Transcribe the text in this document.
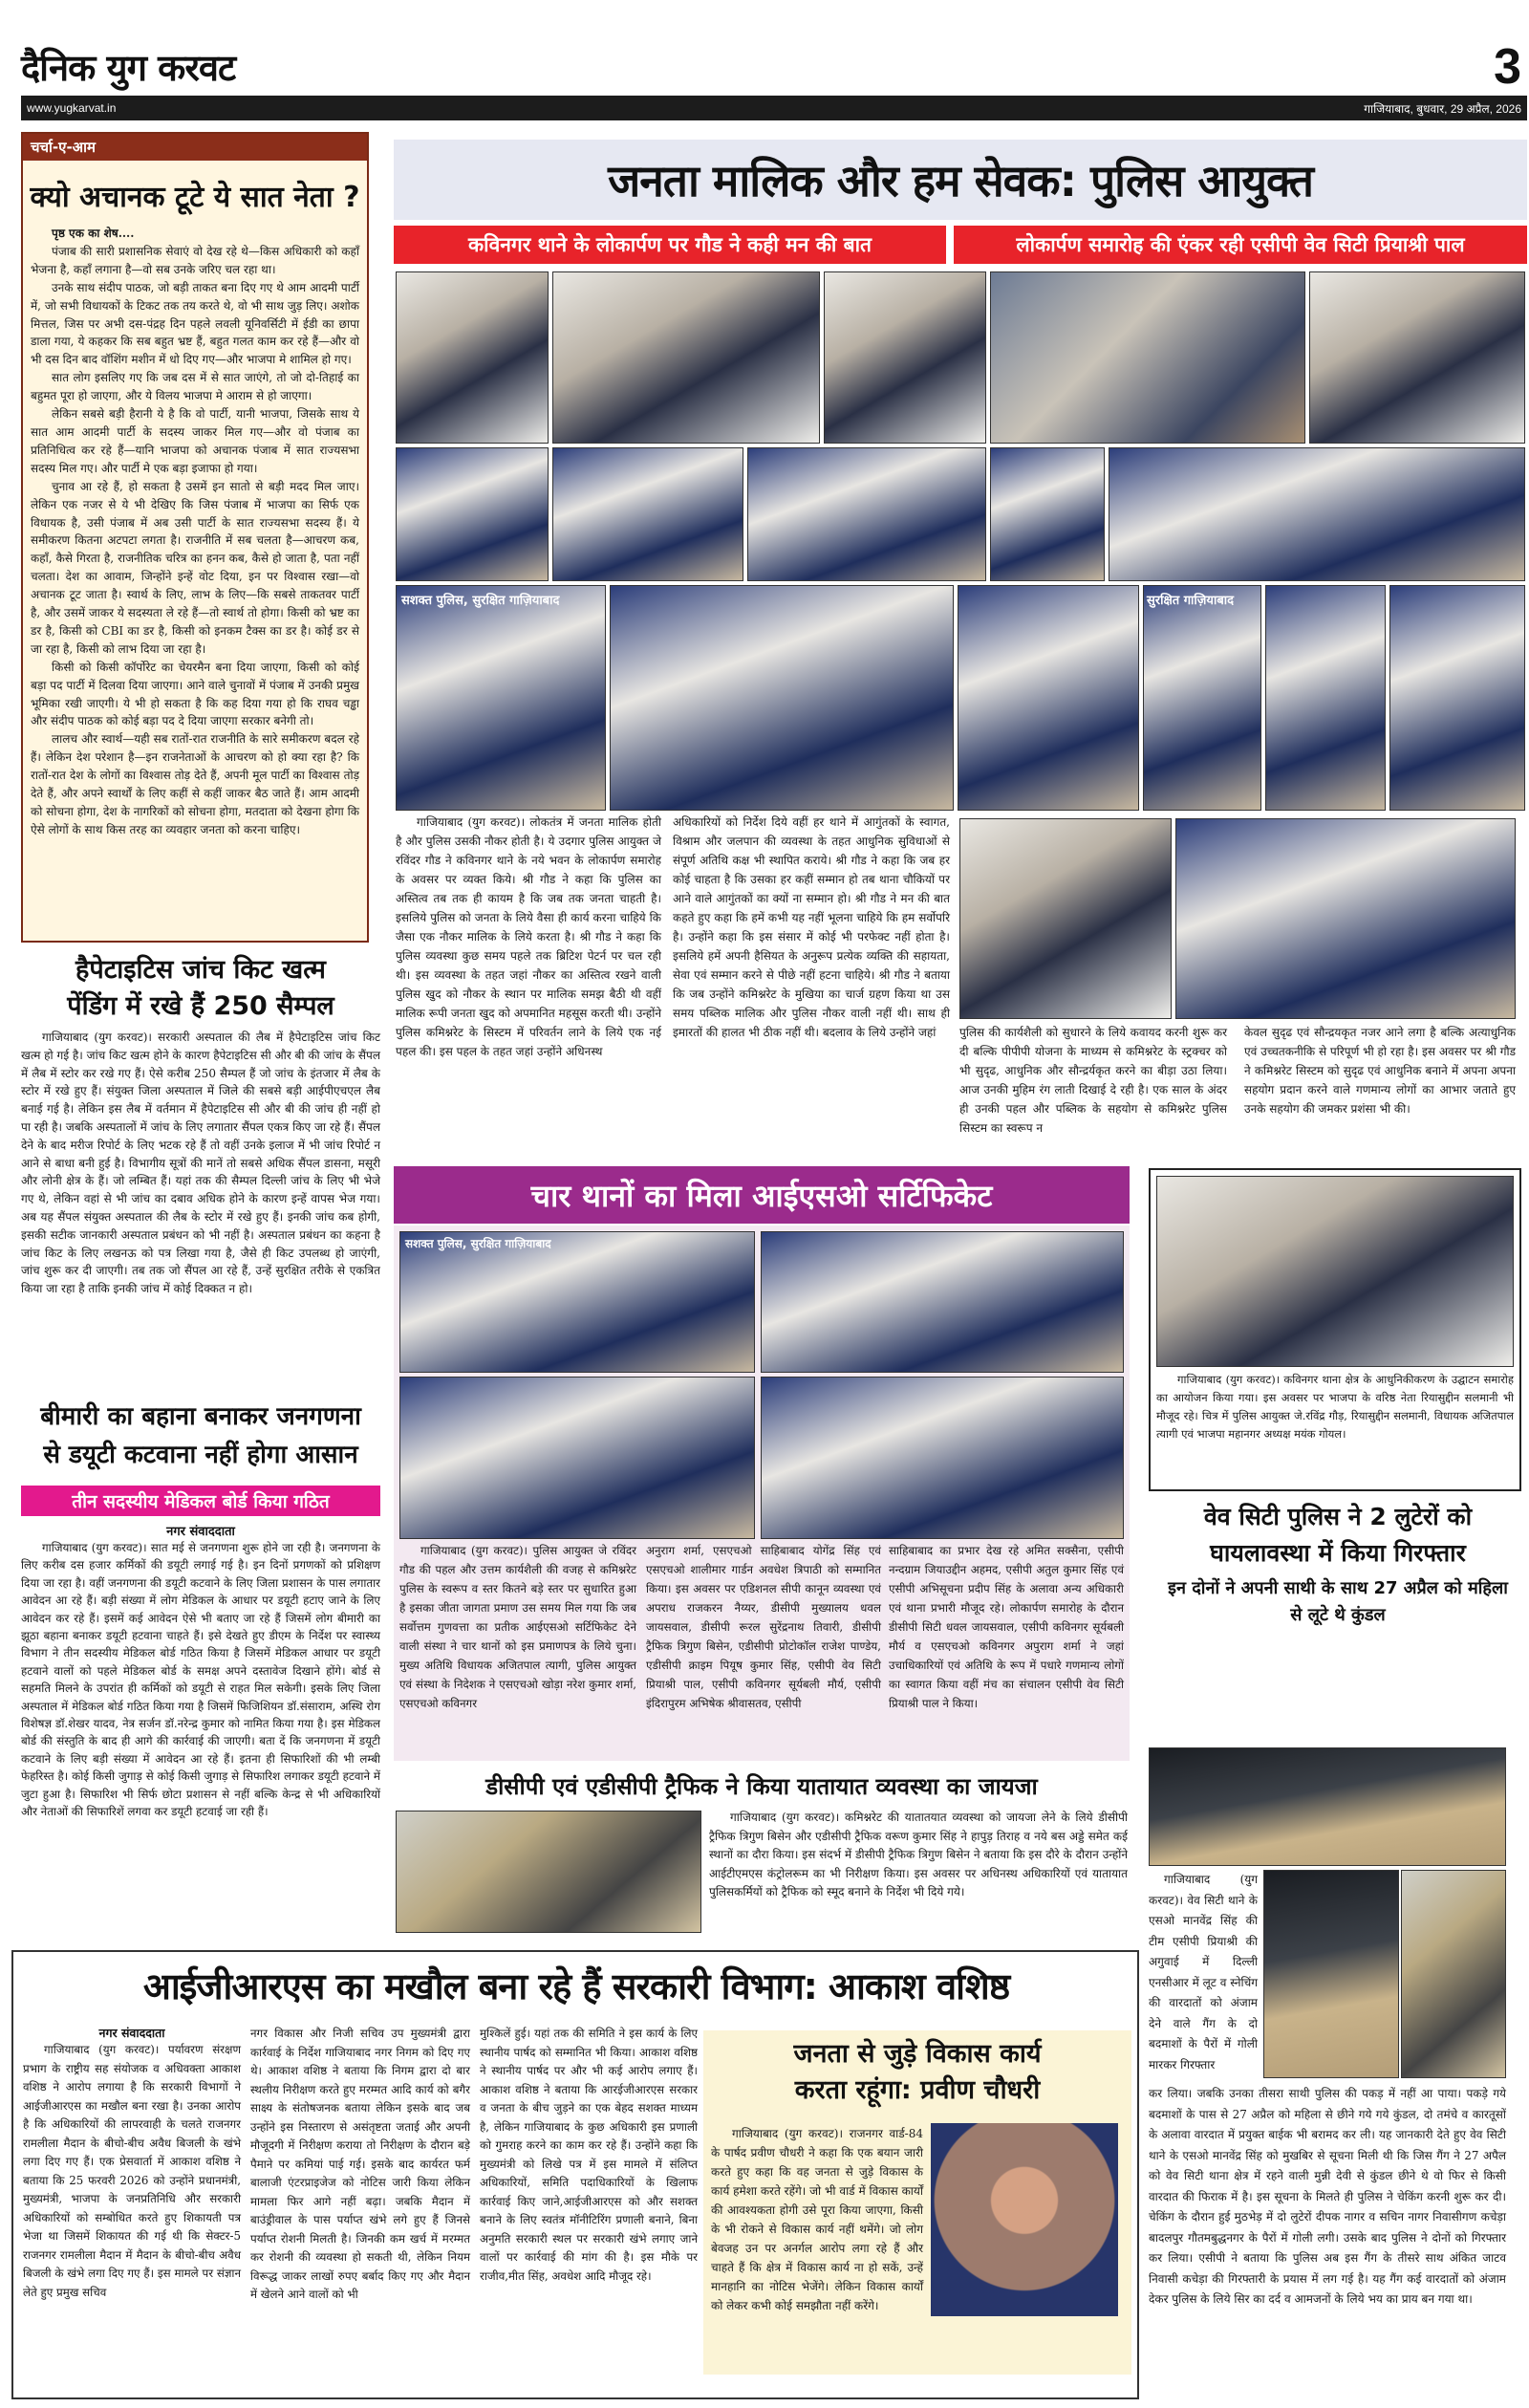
दैनिक युग करवट	3
www.yugkarvat.in	गाजियाबाद, बुधवार, 29 अप्रैल, 2026
चर्चा-ए-आम
क्यो अचानक टूटे ये सात नेता ?

पृष्ठ एक का शेष....

पंजाब की सारी प्रशासनिक सेवाएं वो देख रहे थे—किस अधिकारी को कहाँ भेजना है, कहाँ लगाना है—वो सब उनके जरिए चल रहा था।

उनके साथ संदीप पाठक, जो बड़ी ताकत बना दिए गए थे आम आदमी पार्टी में, जो सभी विधायकों के टिकट तक तय करते थे, वो भी साथ जुड़ लिए। अशोक मित्तल, जिस पर अभी दस-पंद्रह दिन पहले लवली यूनिवर्सिटी में ईडी का छापा डाला गया, ये कहकर कि सब बहुत भ्रष्ट हैं, बहुत गलत काम कर रहे हैं—और वो भी दस दिन बाद वॉशिंग मशीन में धो दिए गए—और भाजपा मे शामिल हो गए।

सात लोग इसलिए गए कि जब दस में से सात जाएंगे, तो जो दो-तिहाई का बहुमत पूरा हो जाएगा, और ये विलय भाजपा मे आराम से हो जाएगा।

लेकिन सबसे बड़ी हैरानी ये है कि वो पार्टी, यानी भाजपा, जिसके साथ ये सात आम आदमी पार्टी के सदस्य जाकर मिल गए—और वो पंजाब का प्रतिनिधित्व कर रहे हैं—यानि भाजपा को अचानक पंजाब में सात राज्यसभा सदस्य मिल गए। और पार्टी मे एक बड़ा इजाफा हो गया।

चुनाव आ रहे हैं, हो सकता है उसमें इन सातो से बड़ी मदद मिल जाए। लेकिन एक नजर से ये भी देखिए कि जिस पंजाब में भाजपा का सिर्फ एक विधायक है, उसी पंजाब में अब उसी पार्टी के सात राज्यसभा सदस्य हैं। ये समीकरण कितना अटपटा लगता है। राजनीति में सब चलता है—आचरण कब, कहाँ, कैसे गिरता है, राजनीतिक चरित्र का हनन कब, कैसे हो जाता है, पता नहीं चलता। देश का आवाम, जिन्होंने इन्हें वोट दिया, इन पर विश्वास रखा—वो अचानक टूट जाता है। स्वार्थ के लिए, लाभ के लिए—कि सबसे ताकतवर पार्टी है, और उसमें जाकर ये सदस्यता ले रहे हैं—तो स्वार्थ तो होगा। किसी को भ्रष्ट का डर है, किसी को CBI का डर है, किसी को इनकम टैक्स का डर है। कोई डर से जा रहा है, किसी को लाभ दिया जा रहा है।

किसी को किसी कॉर्पोरेट का चेयरमैन बना दिया जाएगा, किसी को कोई बड़ा पद पार्टी में दिलवा दिया जाएगा। आने वाले चुनावों में पंजाब में उनकी प्रमुख भूमिका रखी जाएगी। ये भी हो सकता है कि कह दिया गया हो कि राघव चड्ढा और संदीप पाठक को कोई बड़ा पद दे दिया जाएगा सरकार बनेगी तो।

लालच और स्वार्थ—यही सब रातों-रात राजनीति के सारे समीकरण बदल रहे हैं। लेकिन देश परेशान है—इन राजनेताओं के आचरण को हो क्या रहा है? कि रातों-रात देश के लोगों का विश्वास तोड़ देते हैं, अपनी मूल पार्टी का विश्वास तोड़ देते हैं, और अपने स्वार्थों के लिए कहीं से कहीं जाकर बैठ जाते हैं। आम आदमी को सोचना होगा, देश के नागरिकों को सोचना होगा, मतदाता को देखना होगा कि ऐसे लोगों के साथ किस तरह का व्यवहार जनता को करना चाहिए।

हैपेटाइटिस जांच किट खत्म
पेंडिंग में रखे हैं 250 सैम्पल

गाजियाबाद (युग करवट)। सरकारी अस्पताल की लैब में हैपेटाइटिस जांच किट खत्म हो गई है। जांच किट खत्म होने के कारण हैपेटाइटिस सी और बी की जांच के सैंपल में लैब में स्टोर कर रखे गए हैं। ऐसे करीब 250 सैम्पल हैं जो जांच के इंतजार में लैब के स्टोर में रखे हुए हैं। संयुक्त जिला अस्पताल में जिले की सबसे बड़ी आईपीएचएल लैब बनाई गई है। लेकिन इस लैब में वर्तमान में हैपेटाइटिस सी और बी की जांच ही नहीं हो पा रही है। जबकि अस्पतालों में जांच के लिए लगातार सैंपल एकत्र किए जा रहे हैं। सैंपल देने के बाद मरीज रिपोर्ट के लिए भटक रहे हैं तो वहीं उनके इलाज में भी जांच रिपोर्ट न आने से बाधा बनी हुई है। विभागीय सूत्रों की मानें तो सबसे अधिक सैंपल डासना, मसूरी और लोनी क्षेत्र के हैं। जो लम्बित हैं। यहां तक की सैम्पल दिल्ली जांच के लिए भी भेजे गए थे, लेकिन वहां से भी जांच का दबाव अधिक होने के कारण इन्हें वापस भेज गया। अब यह सैंपल संयुक्त अस्पताल की लैब के स्टोर में रखे हुए हैं। इनकी जांच कब होगी, इसकी सटीक जानकारी अस्पताल प्रबंधन को भी नहीं है। अस्पताल प्रबंधन का कहना है जांच किट के लिए लखनऊ को पत्र लिखा गया है, जैसे ही किट उपलब्ध हो जाएंगी, जांच शुरू कर दी जाएगी। तब तक जो सैंपल आ रहे हैं, उन्हें सुरक्षित तरीके से एकत्रित किया जा रहा है ताकि इनकी जांच में कोई दिक्कत न हो।

बीमारी का बहाना बनाकर जनगणना
से डयूटी कटवाना नहीं होगा आसान
तीन सदस्यीय मेडिकल बोर्ड किया गठित
नगर संवाददाता

गाजियाबाद (युग करवट)। सात मई से जनगणना शुरू होने जा रही है। जनगणना के लिए करीब दस हजार कर्मिकों की डयूटी लगाई गई है। इन दिनों प्रगणकों को प्रशिक्षण दिया जा रहा है। वहीं जनगणना की डयूटी कटवाने के लिए जिला प्रशासन के पास लगातार आवेदन आ रहे हैं। बड़ी संख्या में लोग मेडिकल के आधार पर डयूटी हटाए जाने के लिए आवेदन कर रहे हैं। इसमें कई आवेदन ऐसे भी बताए जा रहे हैं जिसमें लोग बीमारी का झूठा बहाना बनाकर डयूटी हटवाना चाहते हैं। इसे देखते हुए डीएम के निर्देश पर स्वास्थ्य विभाग ने तीन सदस्यीय मेडिकल बोर्ड गठित किया है जिसमें मेडिकल आधार पर डयूटी हटवाने वालों को पहले मेडिकल बोर्ड के समक्ष अपने दस्तावेज दिखाने होंगे। बोर्ड से सहमति मिलने के उपरांत ही कर्मिकों को डयूटी से राहत मिल सकेगी। इसके लिए जिला अस्पताल में मेडिकल बोर्ड गठित किया गया है जिसमें फिजिशियन डॉ.संसाराम, अस्थि रोग विशेषज्ञ डॉ.शेखर यादव, नेत्र सर्जन डॉ.नरेन्द्र कुमार को नामित किया गया है। इस मेडिकल बोर्ड की संस्तुति के बाद ही आगे की कार्रवाई की जाएगी। बता दें कि जनगणना में डयूटी कटवाने के लिए बड़ी संख्या में आवेदन आ रहे हैं। इतना ही सिफारिशों की भी लम्बी फेहरिस्त है। कोई किसी जुगाड़ से कोई किसी जुगाड़ से सिफारिश लगाकर डयूटी हटवाने में जुटा हुआ है। सिफारिश भी सिर्फ छोटा प्रशासन से नहीं बल्कि केन्द्र से भी अधिकारियों और नेताओं की सिफारिशें लगवा कर डयूटी हटवाई जा रही हैं।

जनता मालिक और हम सेवक: पुलिस आयुक्त
कविनगर थाने के लोकार्पण पर गौड ने कही मन की बात	लोकार्पण समारोह की एंकर रही एसीपी वेव सिटी प्रियाश्री पाल
सशक्त पुलिस, सुरक्षित गाज़ियाबाद	सुरक्षित गाज़ियाबाद

गाजियाबाद (युग करवट)। लोकतंत्र में जनता मालिक होती है और पुलिस उसकी नौकर होती है। ये उदगार पुलिस आयुक्त जे रविंदर गौड ने कविनगर थाने के नये भवन के लोकार्पण समारोह के अवसर पर व्यक्त किये। श्री गौड ने कहा कि पुलिस का अस्तित्व तब तक ही कायम है कि जब तक जनता चाहती है। इसलिये पुलिस को जनता के लिये वैसा ही कार्य करना चाहिये कि जैसा एक नौकर मालिक के लिये करता है। श्री गौड ने कहा कि पुलिस व्यवस्था कुछ समय पहले तक ब्रिटिश पेटर्न पर चल रही थी। इस व्यवस्था के तहत जहां नौकर का अस्तित्व रखने वाली पुलिस खुद को नौकर के स्थान पर मालिक समझ बैठी थी वहीं मालिक रूपी जनता खुद को अपमानित महसूस करती थी। उन्होंने पुलिस कमिश्नरेट के सिस्टम में परिवर्तन लाने के लिये एक नई पहल की। इस पहल के तहत जहां उन्होंने अधिनस्थ

अधिकारियों को निर्देश दिये वहीं हर थाने में आगुंतकों के स्वागत, विश्राम और जलपान की व्यवस्था के तहत आधुनिक सुविधाओं से संपूर्ण अतिथि कक्ष भी स्थापित कराये। श्री गौड ने कहा कि जब हर कोई चाहता है कि उसका हर कहीं सम्मान हो तब थाना चौकियों पर आने वाले आगुंतकों का क्यों ना सम्मान हो। श्री गौड ने मन की बात कहते हुए कहा कि हमें कभी यह नहीं भूलना चाहिये कि हम सर्वोपरि है। उन्होंने कहा कि इस संसार में कोई भी परफेक्ट नहीं होता है। इसलिये हमें अपनी हैसियत के अनुरूप प्रत्येक व्यक्ति की सहायता, सेवा एवं सम्मान करने से पीछे नहीं हटना चाहिये। श्री गौड ने बताया कि जब उन्होंने कमिश्नरेट के मुखिया का चार्ज ग्रहण किया था उस समय पब्लिक मालिक और पुलिस नौकर वाली नहीं थी। साथ ही इमारतों की हालत भी ठीक नहीं थी। बदलाव के लिये उन्होंने जहां	पुलिस की कार्यशैली को सुधारने के लिये कवायद करनी शुरू कर दी बल्कि पीपीपी योजना के माध्यम से कमिश्नरेट के स्ट्रक्चर को भी सुदृढ, आधुनिक और सौन्द्रर्यकृत करने का बीड़ा उठा लिया। आज उनकी मुहिम रंग लाती दिखाई दे रही है। एक साल के अंदर ही उनकी पहल और पब्लिक के सहयोग से कमिश्नरेट पुलिस सिस्टम का स्वरूप न

केवल सुदृढ एवं सौन्द्रयकृत नजर आने लगा है बल्कि अत्याधुनिक एवं उच्चतकनीकि से परिपूर्ण भी हो रहा है। इस अवसर पर श्री गौड ने कमिश्नरेट सिस्टम को सुदृढ एवं आधुनिक बनाने में अपना अपना सहयोग प्रदान करने वाले गणमान्य लोगों का आभार जताते हुए उनके सहयोग की जमकर प्रशंसा भी की।

चार थानों का मिला आईएसओ सर्टिफिकेट
सशक्त पुलिस, सुरक्षित गाज़ियाबाद

गाजियाबाद (युग करवट)। पुलिस आयुक्त जे रविंदर गौड की पहल और उत्तम कार्यशैली की वजह से कमिश्नरेट पुलिस के स्वरूप व स्तर कितने बड़े स्तर पर सुधारित हुआ है इसका जीता जागता प्रमाण उस समय मिल गया कि जब सर्वोत्तम गुणवत्ता का प्रतीक आईएसओ सर्टिफिकेट देने वाली संस्था ने चार थानों को इस प्रमाणपत्र के लिये चुना। मुख्य अतिथि विधायक अजितपाल त्यागी, पुलिस आयुक्त एवं संस्था के निदेशक ने एसएचओ खोड़ा नरेश कुमार शर्मा, एसएचओ कविनगर

अनुराग शर्मा, एसएचओ साहिबाबाद योगेंद्र सिंह एवं एसएचओ शालीमार गार्डन अवधेश त्रिपाठी को सम्मानित किया। इस अवसर पर एडिशनल सीपी कानून व्यवस्था एवं अपराध राजकरन नैय्यर, डीसीपी मुख्यालय धवल जायसवाल, डीसीपी रूरल सुरेंद्रनाथ तिवारी, डीसीपी ट्रैफिक त्रिगुण बिसेन, एडीसीपी प्रोटोकॉल राजेश पाण्डेय, एडीसीपी क्राइम पियूष कुमार सिंह, एसीपी वेव सिटी प्रियाश्री पाल, एसीपी कविनगर सूर्यबली मौर्य, एसीपी इंदिरापुरम अभिषेक श्रीवासतव, एसीपी

साहिबाबाद का प्रभार देख रहे अमित सक्सैना, एसीपी नन्दग्राम जियाउद्दीन अहमद, एसीपी अतुल कुमार सिंह एवं एसीपी अभिसूचना प्रदीप सिंह के अलावा अन्य अधिकारी एवं थाना प्रभारी मौजूद रहे। लोकार्पण समारोह के दौरान डीसीपी सिटी धवल जायसवाल, एसीपी कविनगर सूर्यबली मौर्य व एसएचओ कविनगर अपुराग शर्मा ने जहां उचाधिकारियों एवं अतिथि के रूप में पधारे गणमान्य लोगों का स्वागत किया वहीं मंच का संचालन एसीपी वेव सिटी प्रियाश्री पाल ने किया।

डीसीपी एवं एडीसीपी ट्रैफिक ने किया यातायात व्यवस्था का जायजा

गाजियाबाद (युग करवट)। कमिश्नरेट की यातातयात व्यवस्था को जायजा लेने के लिये डीसीपी ट्रैफिक त्रिगुण बिसेन और एडीसीपी ट्रैफिक वरूण कुमार सिंह ने हापुड़ तिराह व नये बस अड्डे समेत कई स्थानों का दौरा किया। इस संदर्भ में डीसीपी ट्रैफिक त्रिगुण बिसेन ने बताया कि इस दौरे के दौरान उन्होंने आईटीएमएस कंट्रोलरूम का भी निरीक्षण किया। इस अवसर पर अधिनस्थ अधिकारियों एवं यातायात पुलिसकर्मियों को ट्रैफिक को स्मूद बनाने के निर्देश भी दिये गये।

गाजियाबाद (युग करवट)। कविनगर थाना क्षेत्र के आधुनिकीकरण के उद्घाटन समारोह का आयोजन किया गया। इस अवसर पर भाजपा के वरिष्ठ नेता रियासुद्दीन सलमानी भी मौजूद रहे। चित्र में पुलिस आयुक्त जे.रविंद्र गौड़, रियासुद्दीन सलमानी, विधायक अजितपाल त्यागी एवं भाजपा महानगर अध्यक्ष मयंक गोयल।

वेव सिटी पुलिस ने 2 लुटेरों को
घायलावस्था में किया गिरफ्तार
इन दोनों ने अपनी साथी के साथ 27 अप्रैल को महिला से लूटे थे कुंडल

गाजियाबाद (युग करवट)। वेव सिटी थाने के एसओ मानवेंद्र सिंह की टीम एसीपी प्रियाश्री की अगुवाई में दिल्ली एनसीआर में लूट व स्नेचिंग की वारदातों को अंजाम देने वाले गैंग के दो बदमाशों के पैरों में गोली मारकर गिरफ्तार

कर लिया। जबकि उनका तीसरा साथी पुलिस की पकड़ में नहीं आ पाया। पकड़े गये बदमाशों के पास से 27 अप्रैल को महिला से छीने गये गये कुंडल, दो तमंचे व कारतूसों के अलावा वारदात में प्रयुक्त बाईक भी बरामद कर ली। यह जानकारी देते हुए वेव सिटी थाने के एसओ मानवेंद्र सिंह को मुखबिर से सूचना मिली थी कि जिस गैंग ने 27 अपैल को वेव सिटी थाना क्षेत्र में रहने वाली मुन्नी देवी से कुंडल छीने थे वो फिर से किसी वारदात की फिराक में है। इस सूचना के मिलते ही पुलिस ने चेकिंग करनी शुरू कर दी। चेकिंग के दौरान हुई मुठभेड़ में दो लुटेरों दीपक नागर व सचिन नागर निवासीगण कचेड़ा बादलपुर गौतमबुद्धनगर के पैरों में गोली लगी। उसके बाद पुलिस ने दोनों को गिरफ्तार कर लिया। एसीपी ने बताया कि पुलिस अब इस गैंग के तीसरे साथ अंकित जाटव निवासी कचेड़ा की गिरफ्तारी के प्रयास में लग गई है। यह गैंग कई वारदातों को अंजाम देकर पुलिस के लिये सिर का दर्द व आमजनों के लिये भय का प्राय बन गया था।

आईजीआरएस का मखौल बना रहे हैं सरकारी विभाग: आकाश वशिष्ठ
नगर संवाददाता

गाजियाबाद (युग करवट)। पर्यावरण संरक्षण प्रभाग के राष्ट्रीय सह संयोजक व अधिवक्ता आकाश वशिष्ठ ने आरोप लगाया है कि सरकारी विभागों ने आईजीआरएस का मखौल बना रखा है। उनका आरोप है कि अधिकारियों की लापरवाही के चलते राजनगर रामलीला मैदान के बीचो-बीच अवैध बिजली के खंभे लगा दिए गए हैं। एक प्रेसवार्ता में आकाश वशिष्ठ ने बताया कि 25 फरवरी 2026 को उन्होंने प्रधानमंत्री, मुख्यमंत्री, भाजपा के जनप्रतिनिधि और सरकारी अधिकारियों को सम्बोधित करते हुए शिकायती पत्र भेजा था जिसमें शिकायत की गई थी कि सेक्टर-5 राजनगर रामलीला मैदान में मैदान के बीचो-बीच अवैध बिजली के खंभे लगा दिए गए हैं। इस मामले पर संज्ञान लेते हुए प्रमुख सचिव

नगर विकास और निजी सचिव उप मुख्यमंत्री द्वारा कार्रवाई के निर्देश गाजियाबाद नगर निगम को दिए गए थे। आकाश वशिष्ठ ने बताया कि निगम द्वारा दो बार स्थलीय निरीक्षण करते हुए मरम्मत आदि कार्य को बगैर साक्ष्य के संतोषजनक बताया लेकिन इसके बाद जब उन्होंने इस निस्तारण से असंतृष्टता जताई और अपनी मौजूदगी में निरीक्षण कराया तो निरीक्षण के दौरान बड़े पैमाने पर कमियां पाई गई। इसके बाद कार्यरत फर्म बालाजी एंटरप्राइजेज को नोटिस जारी किया लेकिन मामला फिर आगे नहीं बढ़ा। जबकि मैदान में बाउंड्रीवाल के पास पर्याप्त खंभे लगे हुए हैं जिनसे पर्याप्त रोशनी मिलती है। जिनकी कम खर्च में मरम्मत कर रोशनी की व्यवस्था हो सकती थी, लेकिन नियम विरूद्ध जाकर लाखों रुपए बर्बाद किए गए और मैदान में खेलने आने वालों को भी

मुश्किलें हुई। यहां तक की समिति ने इस कार्य के लिए स्थानीय पार्षद को सम्मानित भी किया। आकाश वशिष्ठ ने स्थानीय पार्षद पर और भी कई आरोप लगाए हैं। आकाश वशिष्ठ ने बताया कि आरईजीआरएस सरकार व जनता के बीच जुड़ने का एक बेहद सशक्त माध्यम है, लेकिन गाजियाबाद के कुछ अधिकारी इस प्रणाली को गुमराह करने का काम कर रहे हैं। उन्होंने कहा कि मुख्यमंत्री को लिखे पत्र में इस मामले में संलिप्त अधिकारियों, समिति पदाधिकारियों के खिलाफ कार्रवाई किए जाने,आईजीआरएस को और सशक्त बनाने के लिए स्वतंत्र मॉनीटिरिंग प्रणाली बनाने, बिना अनुमति सरकारी स्थल पर सरकारी खंभे लगाए जाने वालों पर कार्रवाई की मांग की है। इस मौके पर राजीव,मीत सिंह, अवधेश आदि मौजूद रहे।

जनता से जुड़े विकास कार्य
करता रहूंगा: प्रवीण चौधरी

गाजियाबाद (युग करवट)। राजनगर वार्ड-84 के पार्षद प्रवीण चौधरी ने कहा कि एक बयान जारी करते हुए कहा कि वह जनता से जुड़े विकास के कार्य हमेशा करते रहेंगे। जो भी वार्ड में विकास कार्यों की आवश्यकता होगी उसे पूरा किया जाएगा, किसी के भी रोकने से विकास कार्य नहीं थमेंगे। जो लोग बेवजह उन पर अनर्गल आरोप लगा रहे हैं और चाहते हैं कि क्षेत्र में विकास कार्य ना हो सकें, उन्हें मानहानि का नोटिस भेजेंगे। लेकिन विकास कार्यों को लेकर कभी कोई समझौता नहीं करेंगे।
